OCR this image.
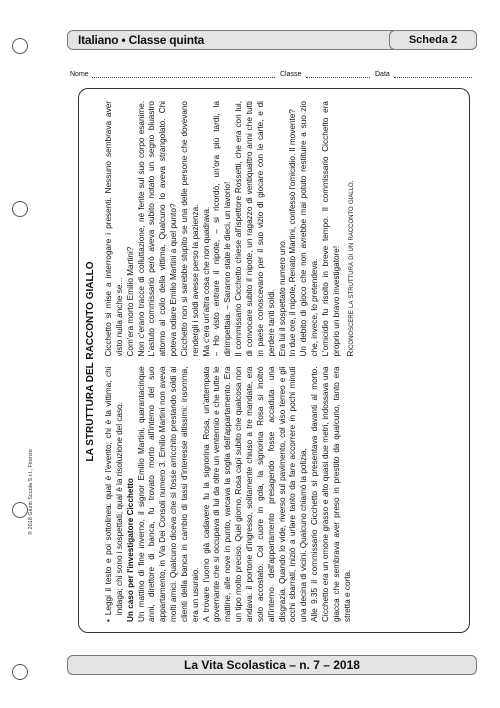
Italiano • Classe quinta	Scheda 2
Nome	Classe	Data
LA STRUTTURA DEL RACCONTO GIALLO
•

Leggi il testo e poi sottolinea: qual è l'evento; chi è la vittima; chi indaga; chi sono i sospettati; qual è la risoluzione del caso. Un caso per l'investigatore Cicchetto Un mattino di fine inverno, il signor Emilio Martini, quarantacinque anni, direttore di banca, fu trovato morto all'interno del suo appartamento, in Via Dei Consoli numero 3. Emilio Martini non aveva molti amici. Qualcuno diceva che si fosse arricchito prestando soldi ai clienti della banca in cambio di tassi d'interesse altissimi: insomma, era un usuraio.
A trovare l'uomo già cadavere fu la signorina Rosa, un'attempata governante che si occupava di lui da oltre un ventennio e che tutte le mattine, alle nove in punto, varcava la soglia dell'appartamento. Era un tipo molto preciso. Quel giorno, Rosa capì subito che qualcosa non andava: il portone d'ingresso, solitamente chiuso a tre mandate, era solo accostato. Col cuore in gola, la signorina Rosa si inoltrò all'interno dell'appartamento presagendo fosse accaduta una disgrazia. Quando lo vide, riverso sul pavimento, col viso terreo e gli occhi sbarrati, iniziò a urlare tanto da fare accorrere in pochi minuti una decina di vicini. Qualcuno chiamò la polizia.
Alle 9.35 il commissario Cicchetto si presentava davanti al morto. Cicchetto era un omone grasso e alto quasi due metri, indossava una giacca che sembrava aver preso in prestito da qualcuno, tanto era stretta e corta.

Cicchetto si mise a interrogare i presenti. Nessuno sembrava aver visto nulla anche se...
Com'era morto Emilio Martini?
Non c'erano tracce di colluttazione, né ferite sul suo corpo esanime. L'astuto commissario però aveva subito notato un segno bluastro attorno al collo della vittima. Qualcuno lo aveva strangolato. Chi poteva odiare Emilio Martini a quel punto?
Cicchetto non si sarebbe stupito se una delle persone che dovevano rendergli i soldi avesse perso la pazienza.
Ma c'era un'altra cosa che non quadrava.
– Ho visto entrare il nipote, – si ricordò, un'ora più tardi, la dirimpettaia. – Saranno state le dieci, un lavorio!
Il commissario Cicchetto chiese all'ispettore Rossetti, che era con lui, di convocare subito il nipote, un ragazzo di ventiquattro anni che tutti in paese conoscevano per il suo vizio di giocare con le carte, e di perdere tanti soldi.
Era lui il sospettato numero uno.
In due ore, il nipote, Renato Martini, confessò l'omicidio. Il movente?
Un debito di gioco che non avrebbe mai potuto restituire a suo zio che, invece, lo pretendeva.
L'omicidio fu risolto in breve tempo. Il commissario Cicchetto era proprio un bravo investigatore! Riconoscere la struttura di un racconto giallo.

© 2018 Giunti Scuola S.r.l., Firenze
La Vita Scolastica – n. 7 – 2018
